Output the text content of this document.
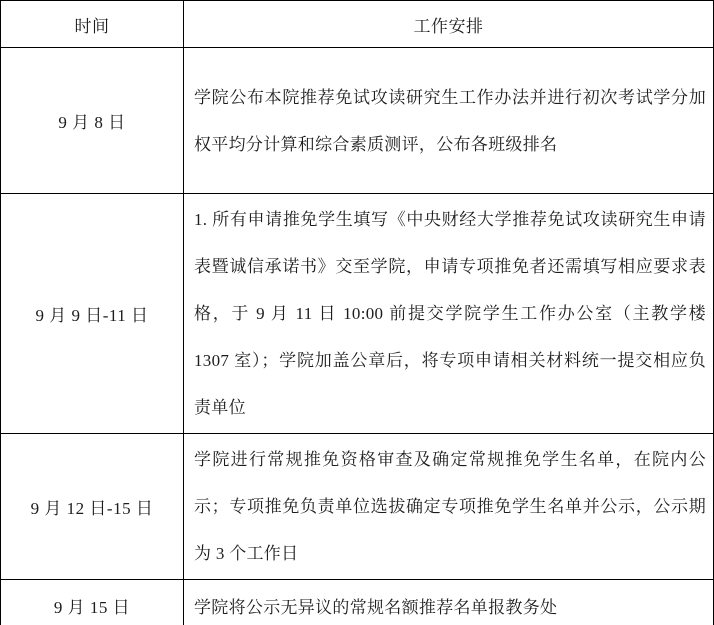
时间	工作安排
9 月 8 日	学院公布本院推荐免试攻读研究生工作办法并进行初次考试学分加权平均分计算和综合素质测评，公布各班级排名
9 月 9 日-11 日	1. 所有申请推免学生填写《中央财经大学推荐免试攻读研究生申请表暨诚信承诺书》交至学院，申请专项推免者还需填写相应要求表格，于 9 月 11 日 10:00 前提交学院学生工作办公室（主教学楼 1307 室）；学院加盖公章后，将专项申请相关材料统一提交相应负责单位
9 月 12 日-15 日	学院进行常规推免资格审查及确定常规推免学生名单，在院内公示；专项推免负责单位选拔确定专项推免学生名单并公示，公示期为 3 个工作日
9 月 15 日	学院将公示无异议的常规名额推荐名单报教务处
